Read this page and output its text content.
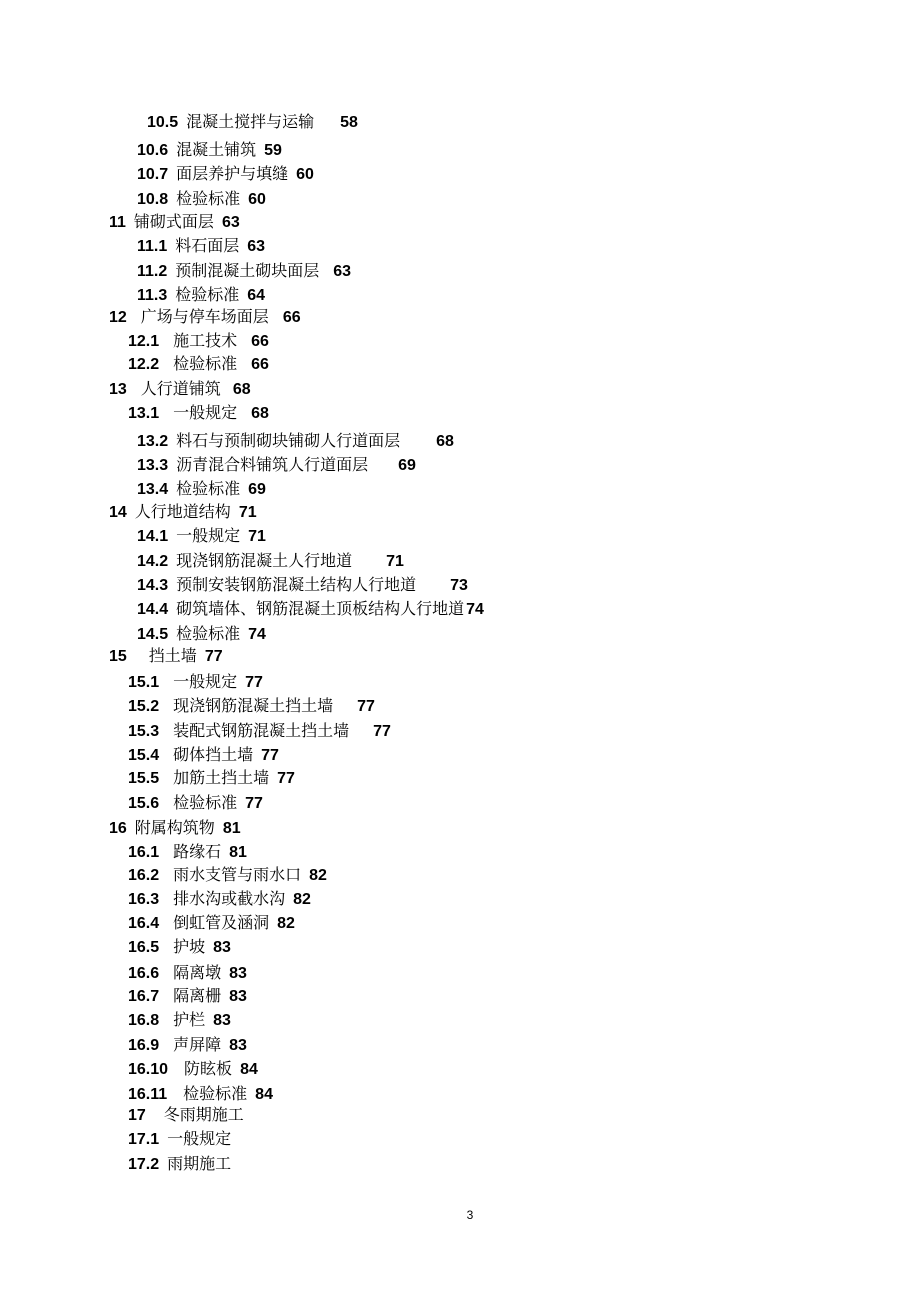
10.5 混凝土搅拌与运输 58
10.6 混凝土铺筑 59
10.7 面层养护与填缝 60
10.8 检验标准 60
11 铺砌式面层 63
11.1 料石面层 63
11.2 预制混凝土砌块面层 63
11.3 检验标准 64
12 广场与停车场面层 66
12.1 施工技术 66
12.2 检验标准 66
13 人行道铺筑 68
13.1 一般规定 68
13.2 料石与预制砌块铺砌人行道面层 68
13.3 沥青混合料铺筑人行道面层 69
13.4 检验标准 69
14 人行地道结构 71
14.1 一般规定 71
14.2 现浇钢筋混凝土人行地道 71
14.3 预制安装钢筋混凝土结构人行地道 73
14.4 砌筑墙体、钢筋混凝土顶板结构人行地道 74
14.5 检验标准 74
15 挡土墙 77
15.1 一般规定 77
15.2 现浇钢筋混凝土挡土墙 77
15.3 装配式钢筋混凝土挡土墙 77
15.4 砌体挡土墙 77
15.5 加筋土挡土墙 77
15.6 检验标准 77
16 附属构筑物 81
16.1 路缘石 81
16.2 雨水支管与雨水口 82
16.3 排水沟或截水沟 82
16.4 倒虹管及涵洞 82
16.5 护坡 83
16.6 隔离墩 83
16.7 隔离栅 83
16.8 护栏 83
16.9 声屏障 83
16.10 防眩板 84
16.11 检验标准 84
17 冬雨期施工
17.1 一般规定
17.2 雨期施工
3
